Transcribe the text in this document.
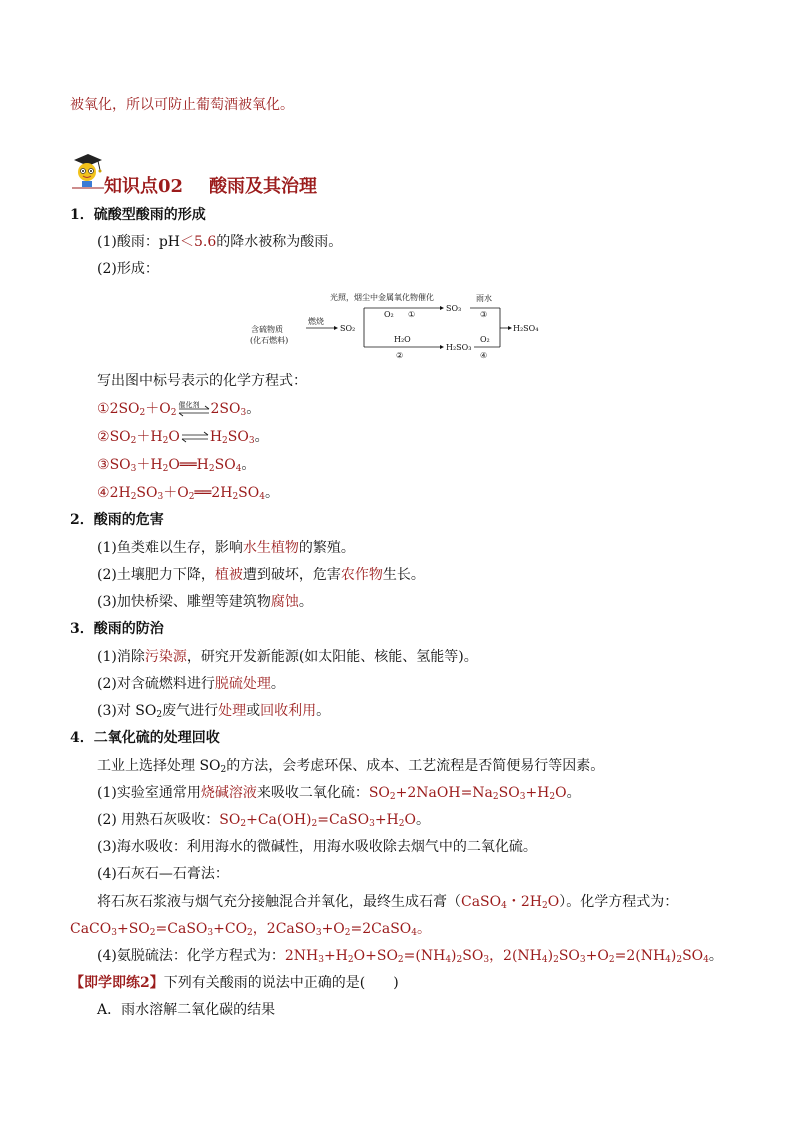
被氧化，所以可防止葡萄酒被氧化。
知识点02 酸雨及其治理
1．硫酸型酸雨的形成
(1)酸雨：pH＜5.6的降水被称为酸雨。
(2)形成：
含硫物质
(化石燃料)
燃烧
SO₂
光照，烟尘中金属氧化物催化
O₂ ①
SO₃
雨水
③
H₂SO₄
H₂O
②
H₂SO₃
O₂
④
写出图中标号表示的化学方程式：
$①2SO_2+O_2$
催化剂 $2SO_3$。
$②SO_2+H_2O$ $H_2SO_3$。
$③SO_3+H_2O══H_2SO_4$。
$④2H_2SO_3+O_2══2H_2SO_4$。
2．酸雨的危害
(1)鱼类难以生存，影响水生植物的繁殖。
(2)土壤肥力下降，植被遭到破坏，危害农作物生长。
(3)加快桥梁、雕塑等建筑物腐蚀。
3．酸雨的防治
(1)消除污染源，研究开发新能源(如太阳能、核能、氢能等)。
(2)对含硫燃料进行脱硫处理。
(3)对 $SO_2$废气进行处理或回收利用。
4．二氧化硫的处理回收
工业上选择处理 $SO_2$的方法，会考虑环保、成本、工艺流程是否简便易行等因素。
(1)实验室通常用烧碱溶液来吸收二氧化硫：$SO_2+2NaOH=Na_2SO_3+H_2O$。
(2) 用熟石灰吸收：$SO_2+Ca(OH)_2=CaSO_3+H_2O$。
(3)海水吸收：利用海水的微碱性，用海水吸收除去烟气中的二氧化硫。
(4)石灰石—石膏法：
将石灰石浆液与烟气充分接触混合并氧化，最终生成石膏（CaSO$_4$・$2H_2O$）。化学方程式为：
$CaCO_3+SO_2=CaSO_3+CO_2$，$2CaSO_3+O_2=2CaSO_4$。
(4)氨脱硫法：化学方程式为：$2NH_3+H_2O+SO_2=(NH_4)_2SO_3$，$2(NH_4)_2SO_3+O_2=2(NH_4)_2SO_4$。
【即学即练2】下列有关酸雨的说法中正确的是(　　)
A．雨水溶解二氧化碳的结果
